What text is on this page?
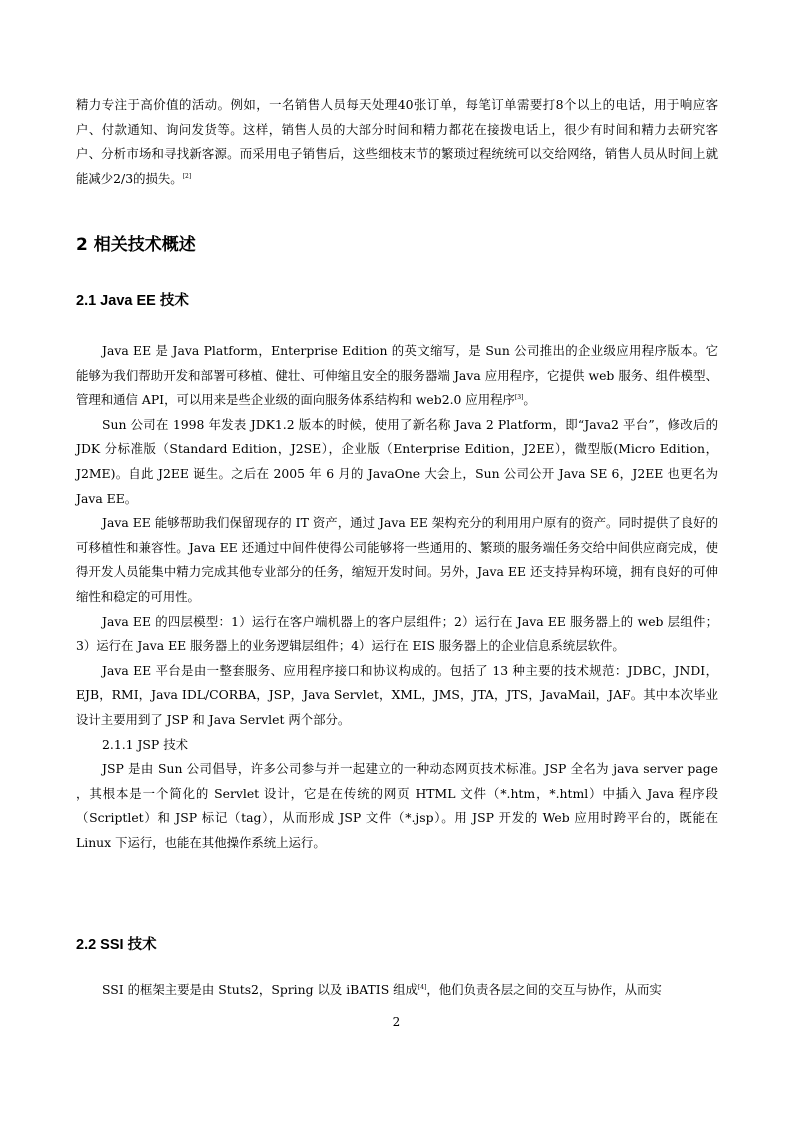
精力专注于高价值的活动。例如，一名销售人员每天处理40张订单，每笔订单需要打8个以上的电话，用于响应客户、付款通知、询问发货等。这样，销售人员的大部分时间和精力都花在接拨电话上，很少有时间和精力去研究客户、分析市场和寻找新客源。而采用电子销售后，这些细枝末节的繁琐过程统统可以交给网络，销售人员从时间上就能减少2/3的损失。[2]

2 相关技术概述
2.1 Java EE 技术

Java EE 是 Java Platform，Enterprise Edition 的英文缩写，是 Sun 公司推出的企业级应用程序版本。它能够为我们帮助开发和部署可移植、健壮、可伸缩且安全的服务器端 Java 应用程序，它提供 web 服务、组件模型、管理和通信 API，可以用来是些企业级的面向服务体系结构和 web2.0 应用程序[3]。

Sun 公司在 1998 年发表 JDK1.2 版本的时候，使用了新名称 Java 2 Platform，即“Java2 平台”，修改后的 JDK 分标准版（Standard Edition，J2SE），企业版（Enterprise Edition，J2EE），微型版(Micro Edition，J2ME)。自此 J2EE 诞生。之后在 2005 年 6 月的 JavaOne 大会上，Sun 公司公开 Java SE 6，J2EE 也更名为 Java EE。

Java EE 能够帮助我们保留现存的 IT 资产，通过 Java EE 架构充分的利用用户原有的资产。同时提供了良好的可移植性和兼容性。Java EE 还通过中间件使得公司能够将一些通用的、繁琐的服务端任务交给中间供应商完成，使得开发人员能集中精力完成其他专业部分的任务，缩短开发时间。另外，Java EE 还支持异构环境，拥有良好的可伸缩性和稳定的可用性。

Java EE 的四层模型：1）运行在客户端机器上的客户层组件；2）运行在 Java EE 服务器上的 web 层组件；3）运行在 Java EE 服务器上的业务逻辑层组件；4）运行在 EIS 服务器上的企业信息系统层软件。

Java EE 平台是由一整套服务、应用程序接口和协议构成的。包括了 13 种主要的技术规范：JDBC，JNDI，EJB，RMI，Java IDL/CORBA，JSP，Java Servlet，XML，JMS，JTA，JTS，JavaMail，JAF。其中本次毕业设计主要用到了 JSP 和 Java Servlet 两个部分。

2.1.1 JSP 技术

JSP 是由 Sun 公司倡导，许多公司参与并一起建立的一种动态网页技术标准。JSP 全名为 java server page ，其根本是一个简化的 Servlet 设计，它是在传统的网页 HTML 文件（*.htm，*.html）中插入 Java 程序段（Scriptlet）和 JSP 标记（tag），从而形成 JSP 文件（*.jsp）。用 JSP 开发的 Web 应用时跨平台的，既能在 Linux 下运行，也能在其他操作系统上运行。

2.2 SSI 技术

SSI 的框架主要是由 Stuts2，Spring 以及 iBATIS 组成[4]，他们负责各层之间的交互与协作，从而实

2
